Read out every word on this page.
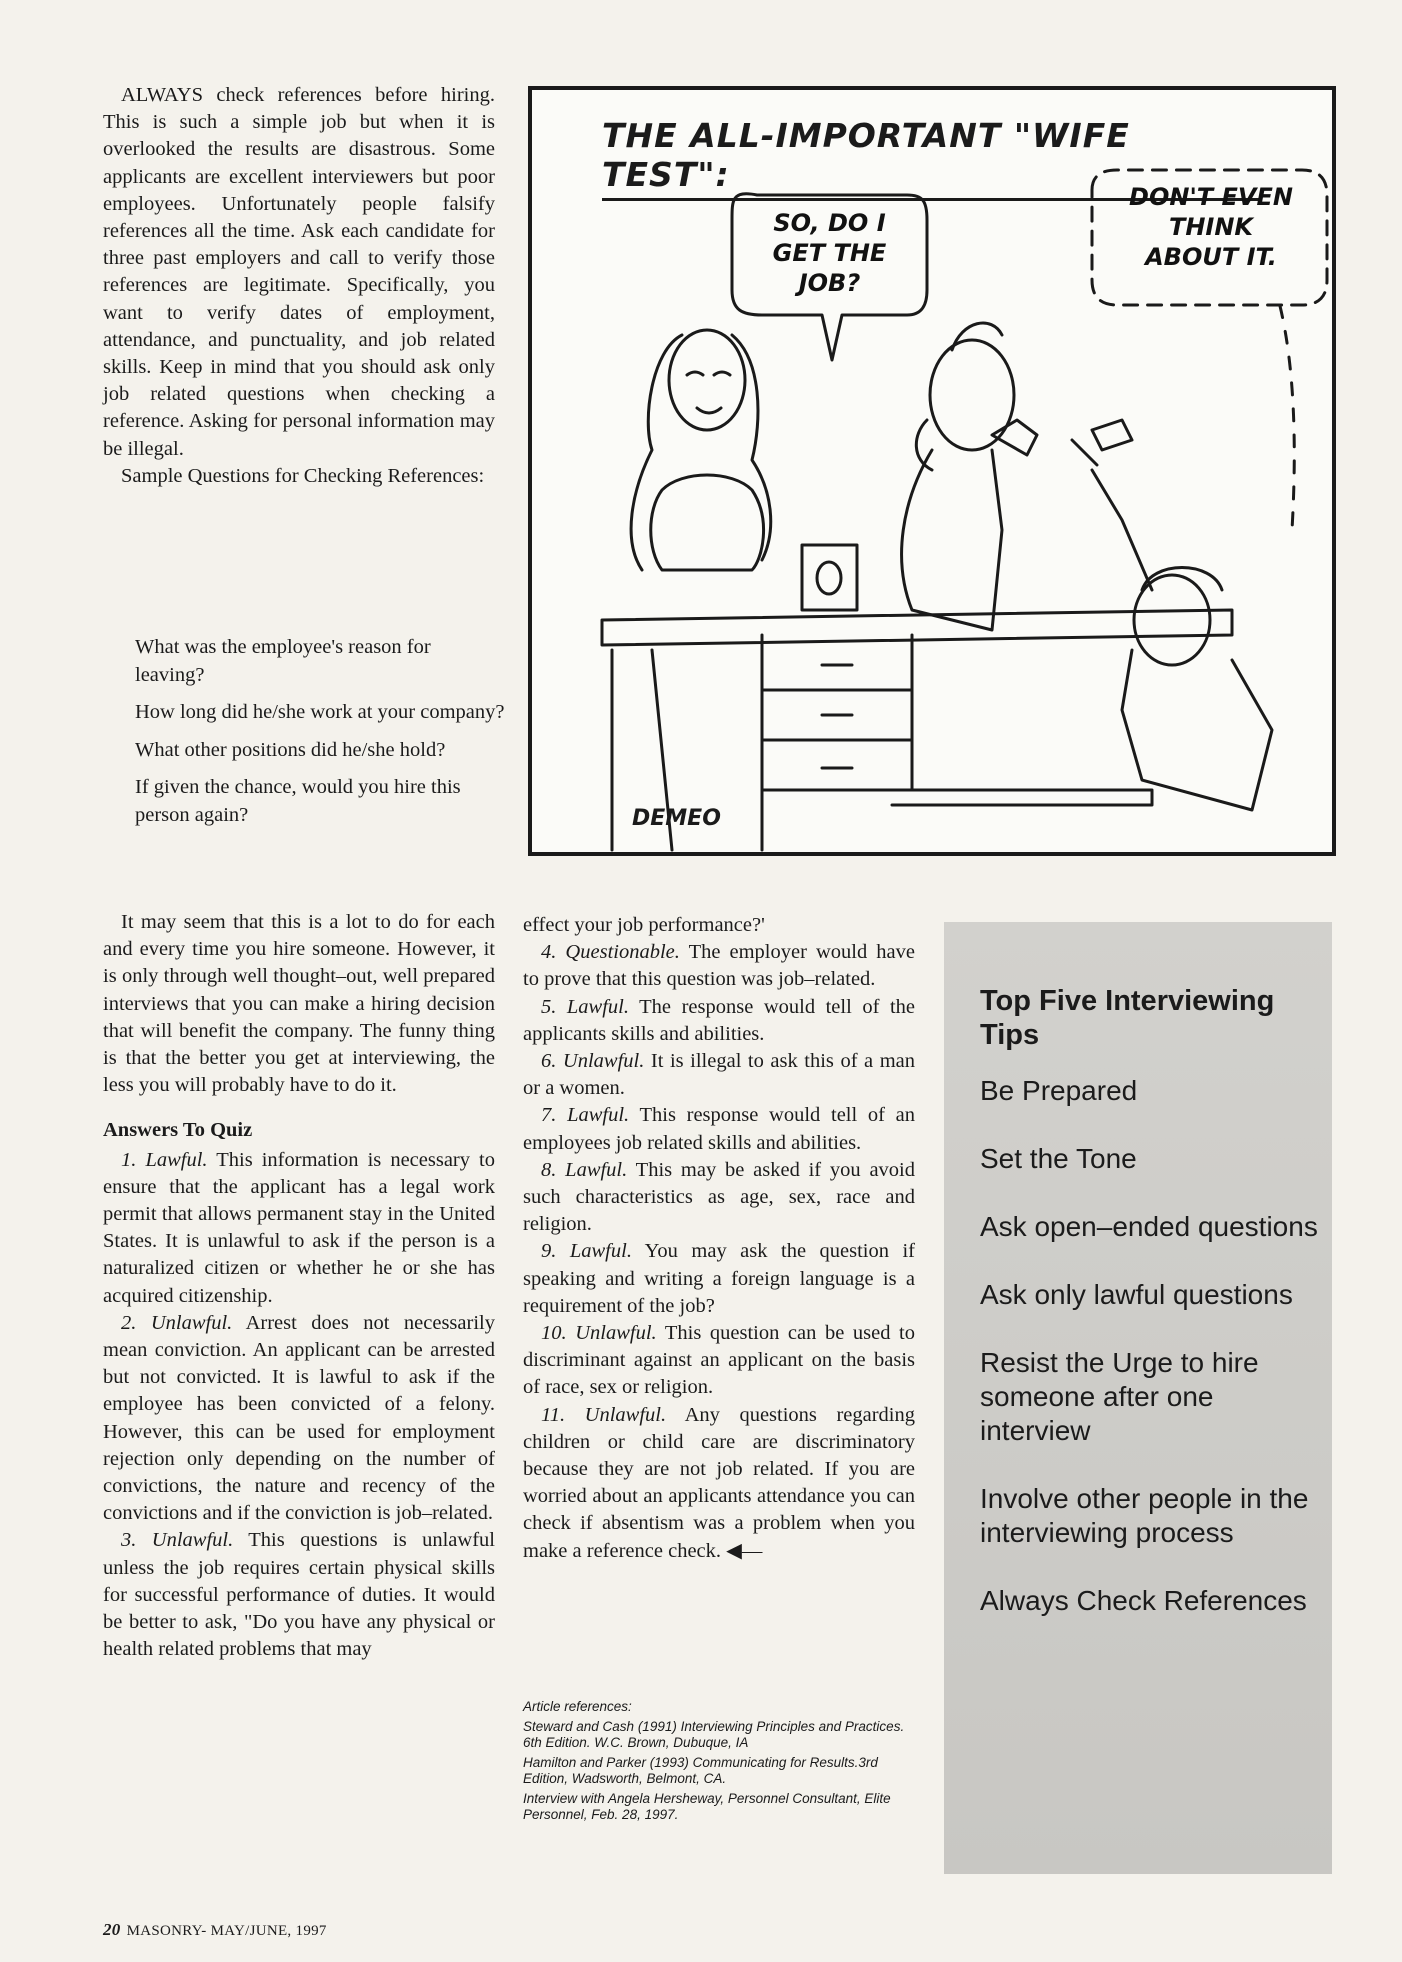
ALWAYS check references before hiring. This is such a simple job but when it is overlooked the results are disastrous. Some applicants are excellent interviewers but poor employees. Unfortunately people falsify references all the time. Ask each candidate for three past employers and call to verify those references are legitimate. Specifically, you want to verify dates of employment, attendance, and punctuality, and job related skills. Keep in mind that you should ask only job related questions when checking a reference. Asking for personal information may be illegal.

Sample Questions for Checking References:

What was the employee's reason for leaving?
How long did he/she work at your company?
What other positions did he/she hold?
If given the chance, would you hire this person again?

It may seem that this is a lot to do for each and every time you hire someone. However, it is only through well thought–out, well prepared interviews that you can make a hiring decision that will benefit the company. The funny thing is that the better you get at interviewing, the less you will probably have to do it.

Answers To Quiz

1. Lawful. This information is necessary to ensure that the applicant has a legal work permit that allows permanent stay in the United States. It is unlawful to ask if the person is a naturalized citizen or whether he or she has acquired citizenship.

2. Unlawful. Arrest does not necessarily mean conviction. An applicant can be arrested but not convicted. It is lawful to ask if the employee has been convicted of a felony. However, this can be used for employment rejection only depending on the number of convictions, the nature and recency of the convictions and if the conviction is job–related.

3. Unlawful. This questions is unlawful unless the job requires certain physical skills for successful performance of duties. It would be better to ask, "Do you have any physical or health related problems that may

effect your job performance?'

4. Questionable. The employer would have to prove that this question was job–related.

5. Lawful. The response would tell of the applicants skills and abilities.

6. Unlawful. It is illegal to ask this of a man or a women.

7. Lawful. This response would tell of an employees job related skills and abilities.

8. Lawful. This may be asked if you avoid such characteristics as age, sex, race and religion.

9. Lawful. You may ask the question if speaking and writing a foreign language is a requirement of the job?

10. Unlawful. This question can be used to discriminant against an applicant on the basis of race, sex or religion.

11. Unlawful. Any questions regarding children or child care are discriminatory because they are not job related. If you are worried about an applicants attendance you can check if absentism was a problem when you make a reference check. ◀—

Article references:
Steward and Cash (1991) Interviewing Principles and Practices. 6th Edition. W.C. Brown, Dubuque, IA
Hamilton and Parker (1993) Communicating for Results.3rd Edition, Wadsworth, Belmont, CA.
Interview with Angela Hersheway, Personnel Consultant, Elite Personnel, Feb. 28, 1997.
THE ALL-IMPORTANT "WIFE TEST":
SO, DO I
GET THE
JOB?
DON'T EVEN
THINK
ABOUT IT.
DEMEO
Top Five Interviewing Tips
Be Prepared
Set the Tone
Ask open–ended questions
Ask only lawful questions
Resist the Urge to hire someone after one interview
Involve other people in the interviewing process
Always Check References
20 MASONRY- MAY/JUNE, 1997
